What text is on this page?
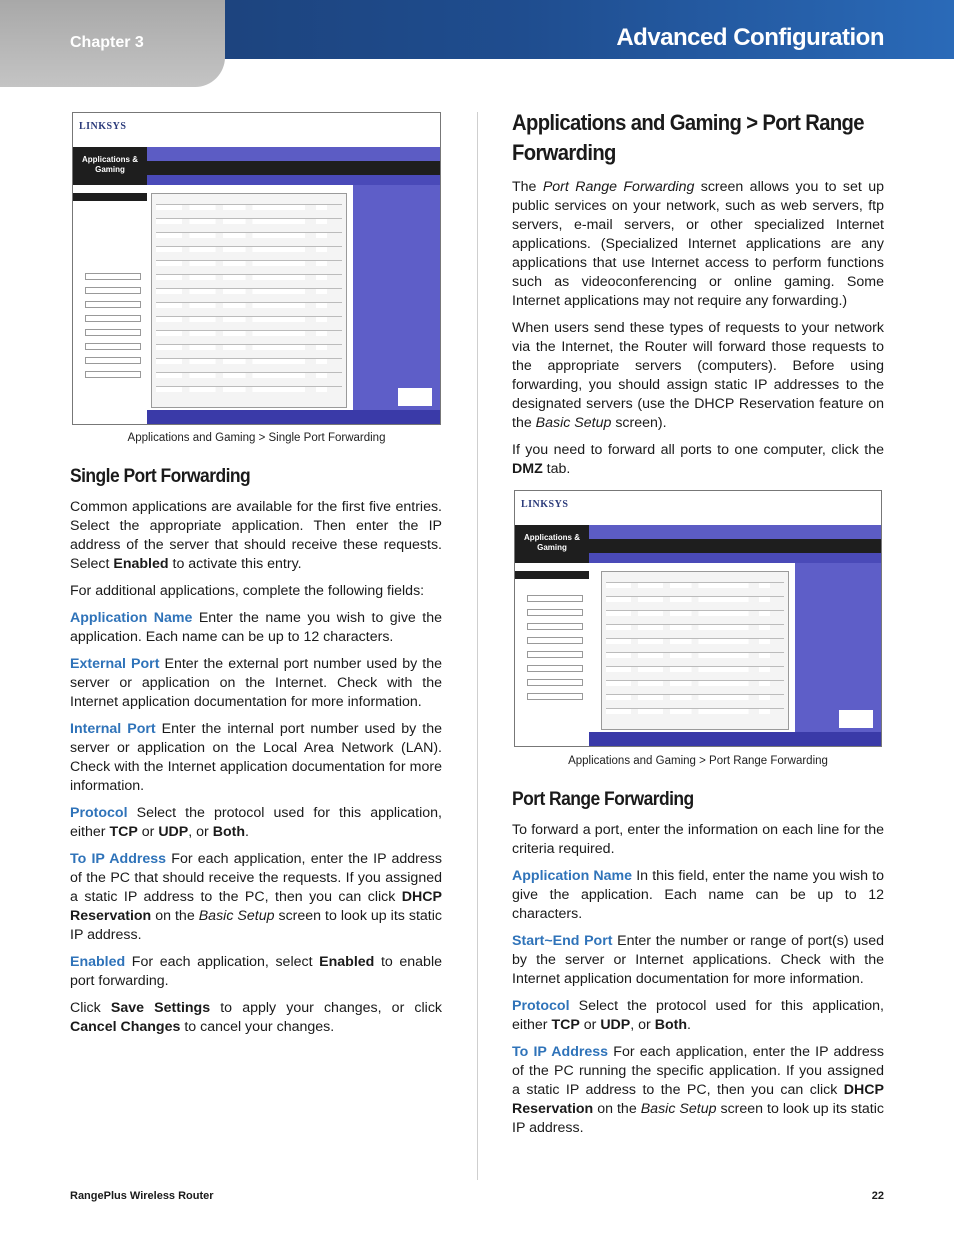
Chapter 3	Advanced Configuration
LINKSYS
Applications & Gaming
Applications and Gaming > Single Port Forwarding
Single Port Forwarding

Common applications are available for the first five entries. Select the appropriate application. Then enter the IP address of the server that should receive these requests. Select Enabled to activate this entry.

For additional applications, complete the following fields:

Application Name Enter the name you wish to give the application. Each name can be up to 12 characters.

External Port Enter the external port number used by the server or application on the Internet. Check with the Internet application documentation for more information.

Internal Port Enter the internal port number used by the server or application on the Local Area Network (LAN). Check with the Internet application documentation for more information.

Protocol Select the protocol used for this application, either TCP or UDP, or Both.

To IP Address For each application, enter the IP address of the PC that should receive the requests. If you assigned a static IP address to the PC, then you can click DHCP Reservation on the Basic Setup screen to look up its static IP address.

Enabled For each application, select Enabled to enable port forwarding.

Click Save Settings to apply your changes, or click Cancel Changes to cancel your changes.

Applications and Gaming > Port Range Forwarding

The Port Range Forwarding screen allows you to set up public services on your network, such as web servers, ftp servers, e-mail servers, or other specialized Internet applications. (Specialized Internet applications are any applications that use Internet access to perform functions such as videoconferencing or online gaming. Some Internet applications may not require any forwarding.)

When users send these types of requests to your network via the Internet, the Router will forward those requests to the appropriate servers (computers). Before using forwarding, you should assign static IP addresses to the designated servers (use the DHCP Reservation feature on the Basic Setup screen).

If you need to forward all ports to one computer, click the DMZ tab.

LINKSYS
Applications & Gaming
Applications and Gaming > Port Range Forwarding
Port Range Forwarding

To forward a port, enter the information on each line for the criteria required.

Application Name In this field, enter the name you wish to give the application. Each name can be up to 12 characters.

Start~End Port Enter the number or range of port(s) used by the server or Internet applications. Check with the Internet application documentation for more information.

Protocol Select the protocol used for this application, either TCP or UDP, or Both.

To IP Address For each application, enter the IP address of the PC running the specific application. If you assigned a static IP address to the PC, then you can click DHCP Reservation on the Basic Setup screen to look up its static IP address.

RangePlus Wireless Router	22
